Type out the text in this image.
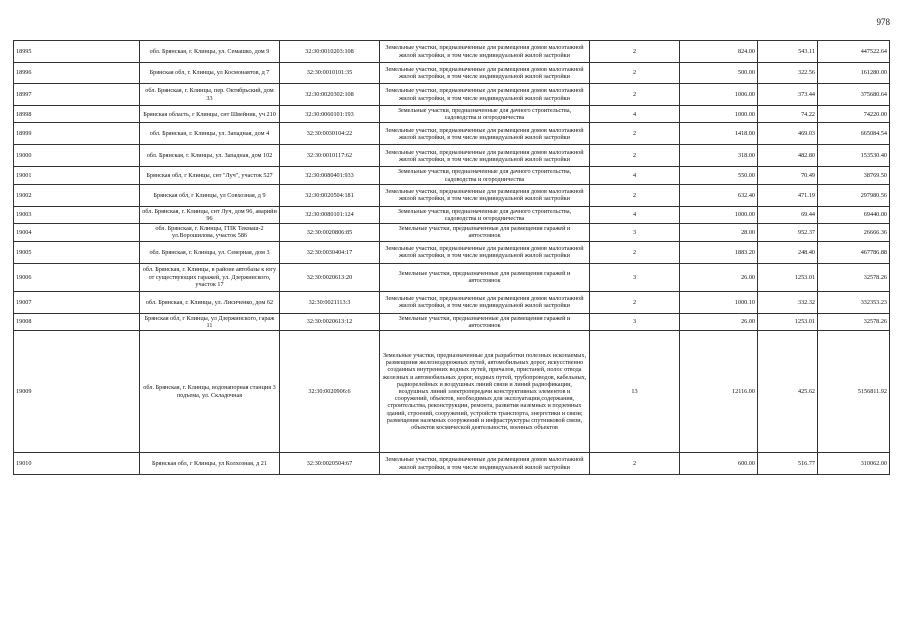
978
18995	обл. Брянская, г. Клинцы, ул. Семашко, дом 9	32:30:0010203:108	Земельные участки, предназначенные для размещения домов малоэтажной жилой застройки, в том числе индивидуальной жилой застройки	2	824.00	543.11	447522.64
18996	Брянская обл, г. Клинцы, ул Космонавтов, д 7	32:30:0010101:35	Земельные участки, предназначенные для размещения домов малоэтажной жилой застройки, в том числе индивидуальной жилой застройки	2	500.00	322.56	161280.00
18997	обл. Брянская, г. Клинцы, пер. Октябрьский, дом 33	32:30:0020302:108	Земельные участки, предназначенные для размещения домов малоэтажной жилой застройки, в том числе индивидуальной жилой застройки	2	1006.00	373.44	375680.64
18998	Брянская область, г Клинцы, снт Швейник, уч 210	32:30:0060101:193	Земельные участки, предназначенные для дачного строительства, садоводства и огородничества	4	1000.00	74.22	74220.00
18999	обл. Брянская, г. Клинцы, ул. Западная, дом 4	32:30:0030104:22	Земельные участки, предназначенные для размещения домов малоэтажной жилой застройки, в том числе индивидуальной жилой застройки	2	1418.00	469.03	665084.54
19000	обл. Брянская, г. Клинцы, ул. Западная, дом 102	32:30:0010117:62	Земельные участки, предназначенные для размещения домов малоэтажной жилой застройки, в том числе индивидуальной жилой застройки	2	318.00	482.80	153530.40
19001	Брянская обл, г Клинцы, снт "Луч", участок 527	32:30:0080401:933	Земельные участки, предназначенные для дачного строительства, садоводства и огородничества	4	550.00	70.49	38769.50
19002	Брянская обл, г Клинцы, ул Совхозная, д 9	32:30:0020504:181	Земельные участки, предназначенные для размещения домов малоэтажной жилой застройки, в том числе индивидуальной жилой застройки	2	632.40	471.19	297980.56
19003	обл. Брянская, г. Клинцы, снт Луч, дом 96, аварийн 96	32:30:0080101:124	Земельные участки, предназначенные для дачного строительства, садоводства и огородничества	4	1000.00	69.44	69440.00
19004	обл. Брянская, г. Клинцы, ГПК Текмаш-2 ул.Ворошилова, участок 586	32:30:0020806:85	Земельные участки, предназначенные для размещения гаражей и автостоянок	3	28.00	952.37	26666.36
19005	обл. Брянская, г. Клинцы, ул. Северная, дом 3	32:30:0030404:17	Земельные участки, предназначенные для размещения домов малоэтажной жилой застройки, в том числе индивидуальной жилой застройки	2	1883.20	248.40	467786.88
19006	обл. Брянская, г. Клинцы, в районе автобазы к югу от существующих гаражей, ул. Дзержинского, участок 17	32:30:0020613:20	Земельные участки, предназначенные для размещения гаражей и автостоянок	3	26.00	1253.01	32578.26
19007	обл. Брянская, г. Клинцы, ул. Лисиченко, дом 62	32:30:0021113:3	Земельные участки, предназначенные для размещения домов малоэтажной жилой застройки, в том числе индивидуальной жилой застройки	2	1000.10	332.32	332353.23
19008	Брянская обл, г Клинцы, ул Дзержинского, гараж 11	32:30:0020613:12	Земельные участки, предназначенные для размещения гаражей и автостоянок	3	26.00	1253.01	32578.26
19009	обл. Брянская, г. Клинцы, водонапорная станция 3 подъема, ул. Складочная	32:30:0020906:6	Земельные участки, предназначенные для разработки полезных ископаемых, размещения железнодорожных путей, автомобильных дорог, искусственно созданных внутренних водных путей, причалов, пристаней, полос отвода железных и автомобильных дорог, водных путей, трубопроводов, кабельных, радиорелейных и воздушных линий связи и линий радиофикации, воздушных линий электропередачи конструктивных элементов и сооружений, объектов, необходимых для эксплуатации,содержания, строительства, реконструкции, ремонта, развития наземных и подземных зданий, строений, сооружений, устройств транспорта, энергетики и связи; размещения наземных сооружений и инфраструктуры спутниковой связи, объектов космической деятельности, военных объектов	13	12116.00	425.62	5156811.92
19010	Брянская обл, г Клинцы, ул Колхозная, д 21	32:30:0020504:67	Земельные участки, предназначенные для размещения домов малоэтажной жилой застройки, в том числе индивидуальной жилой застройки	2	600.00	516.77	310062.00
